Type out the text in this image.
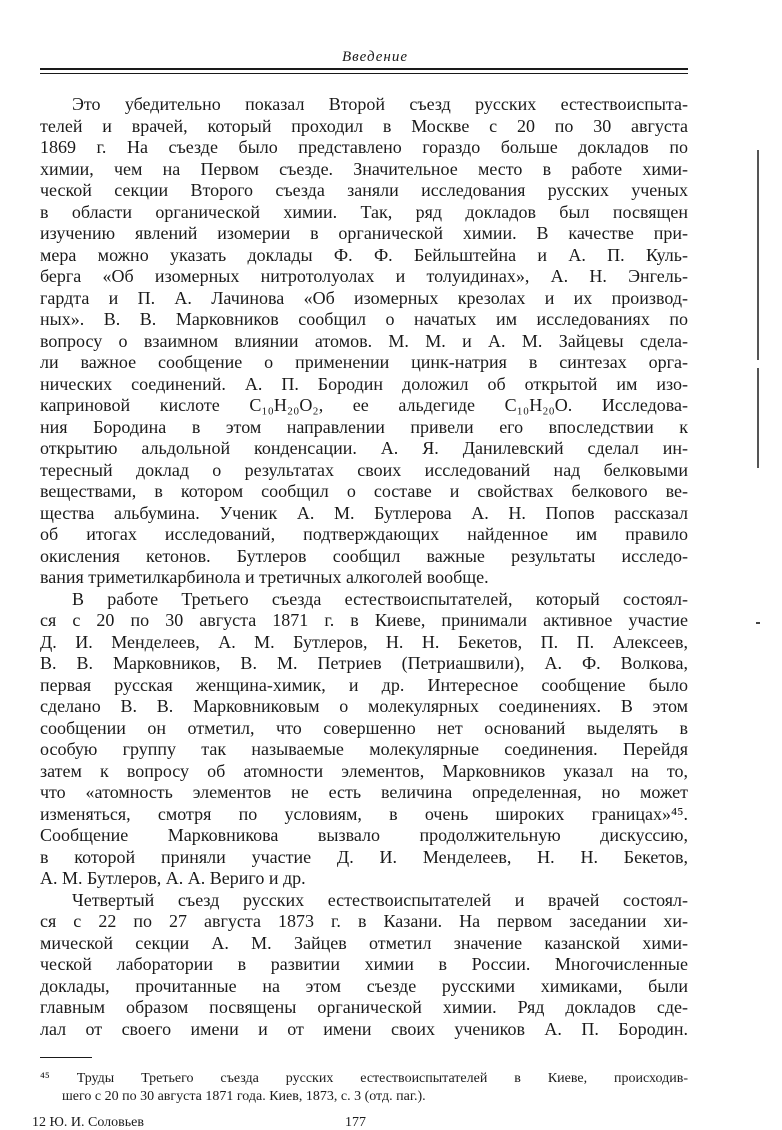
Введение
Это убедительно показал Второй съезд русских естествоиспыта-
телей и врачей, который проходил в Москве с 20 по 30 августа
1869 г. На съезде было представлено гораздо больше докладов по
химии, чем на Первом съезде. Значительное место в работе хими-
ческой секции Второго съезда заняли исследования русских ученых
в области органической химии. Так, ряд докладов был посвящен
изучению явлений изомерии в органической химии. В качестве при-
мера можно указать доклады Ф. Ф. Бейльштейна и А. П. Куль-
берга «Об изомерных нитротолуолах и толуидинах», А. Н. Энгель-
гардта и П. А. Лачинова «Об изомерных крезолах и их производ-
ных». В. В. Марковников сообщил о начатых им исследованиях по
вопросу о взаимном влиянии атомов. М. М. и А. М. Зайцевы сдела-
ли важное сообщение о применении цинк-натрия в синтезах орга-
нических соединений. А. П. Бородин доложил об открытой им изо-
каприновой кислоте C₁₀H₂₀O₂, ее альдегиде C₁₀H₂₀O. Исследова-
ния Бородина в этом направлении привели его впоследствии к
открытию альдольной конденсации. А. Я. Данилевский сделал ин-
тересный доклад о результатах своих исследований над белковыми
веществами, в котором сообщил о составе и свойствах белкового ве-
щества альбумина. Ученик А. М. Бутлерова А. Н. Попов рассказал
об итогах исследований, подтверждающих найденное им правило
окисления кетонов. Бутлеров сообщил важные результаты исследо-
вания триметилкарбинола и третичных алкоголей вообще.
В работе Третьего съезда естествоиспытателей, который состоял-
ся с 20 по 30 августа 1871 г. в Киеве, принимали активное участие
Д. И. Менделеев, А. М. Бутлеров, Н. Н. Бекетов, П. П. Алексеев,
В. В. Марковников, В. М. Петриев (Петриашвили), А. Ф. Волкова,
первая русская женщина-химик, и др. Интересное сообщение было
сделано В. В. Марковниковым о молекулярных соединениях. В этом
сообщении он отметил, что совершенно нет оснований выделять в
особую группу так называемые молекулярные соединения. Перейдя
затем к вопросу об атомности элементов, Марковников указал на то,
что «атомность элементов не есть величина определенная, но может
изменяться, смотря по условиям, в очень широких границах»⁴⁵.
Сообщение Марковникова вызвало продолжительную дискуссию,
в которой приняли участие Д. И. Менделеев, Н. Н. Бекетов,
А. М. Бутлеров, А. А. Вериго и др.
Четвертый съезд русских естествоиспытателей и врачей состоял-
ся с 22 по 27 августа 1873 г. в Казани. На первом заседании хи-
мической секции А. М. Зайцев отметил значение казанской хими-
ческой лаборатории в развитии химии в России. Многочисленные
доклады, прочитанные на этом съезде русскими химиками, были
главным образом посвящены органической химии. Ряд докладов сде-
лал от своего имени и от имени своих учеников А. П. Бородин.
⁴⁵ Труды Третьего съезда русских естествоиспытателей в Киеве, происходив-
шего с 20 по 30 августа 1871 года. Киев, 1873, с. 3 (отд. паг.).
12 Ю. И. Соловьев	177
